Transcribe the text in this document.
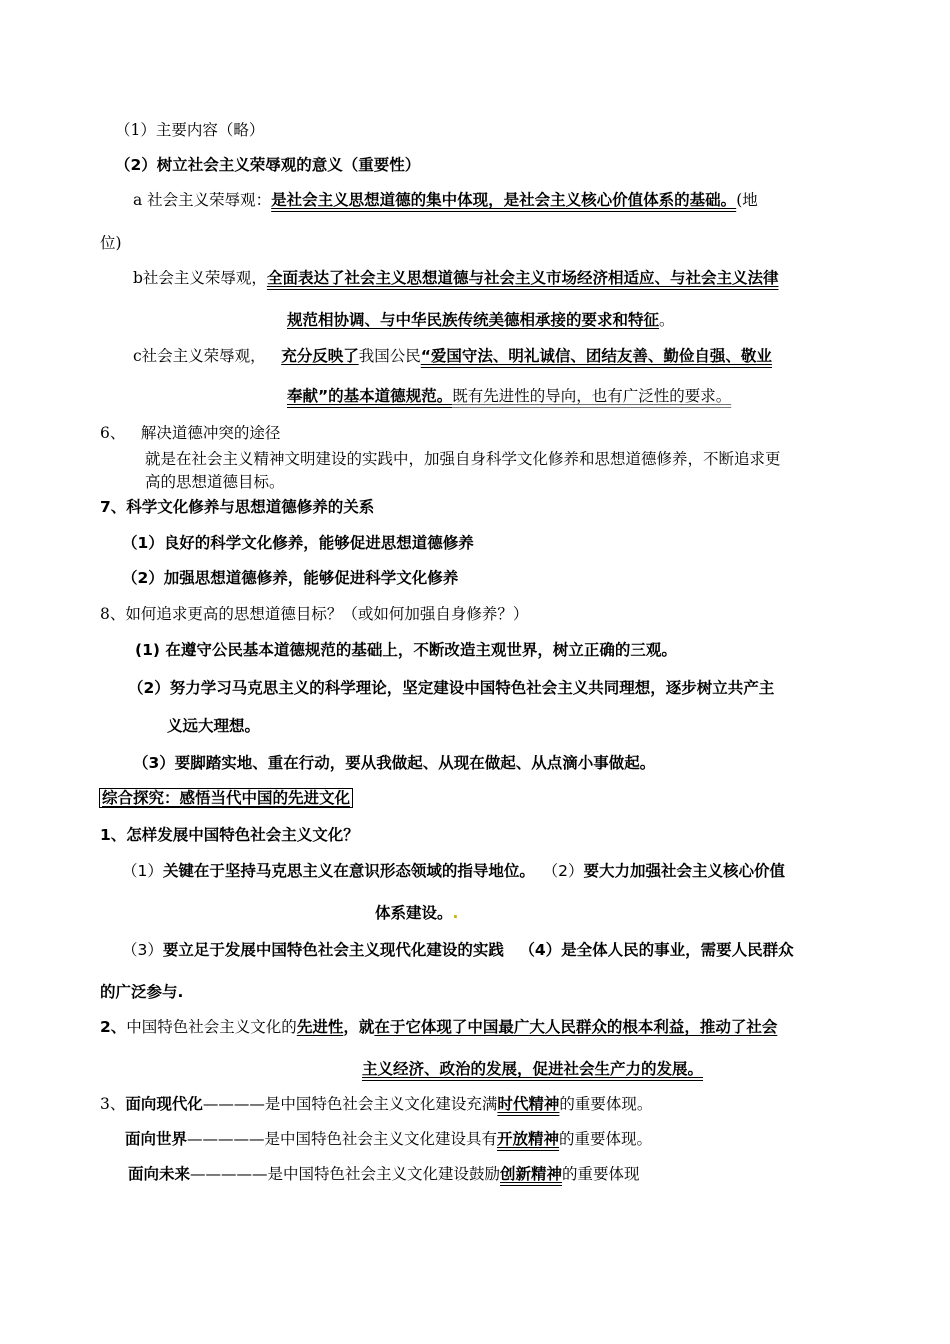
（1）主要内容（略）
（2）树立社会主义荣辱观的意义（重要性）
a 社会主义荣辱观：是社会主义思想道德的集中体现，是社会主义核心价值体系的基础。(地
位)
b社会主义荣辱观，全面表达了社会主义思想道德与社会主义市场经济相适应、与社会主义法律
规范相协调、与中华民族传统美德相承接的要求和特征。
c社会主义荣辱观，  充分反映了我国公民“爱国守法、明礼诚信、团结友善、勤俭自强、敬业
奉献”的基本道德规范。既有先进性的导向，也有广泛性的要求。
6、  解决道德冲突的途径
就是在社会主义精神文明建设的实践中，加强自身科学文化修养和思想道德修养，不断追求更
高的思想道德目标。
7、科学文化修养与思想道德修养的关系
（1）良好的科学文化修养，能够促进思想道德修养
（2）加强思想道德修养，能够促进科学文化修养
8、如何追求更高的思想道德目标？（或如何加强自身修养？）
(1) 在遵守公民基本道德规范的基础上，不断改造主观世界，树立正确的三观。
（2）努力学习马克思主义的科学理论，坚定建设中国特色社会主义共同理想，逐步树立共产主
义远大理想。
（3）要脚踏实地、重在行动，要从我做起、从现在做起、从点滴小事做起。
综合探究：感悟当代中国的先进文化
1、怎样发展中国特色社会主义文化？
（1）关键在于坚持马克思主义在意识形态领域的指导地位。  （2）要大力加强社会主义核心价值
体系建设。.
（3）要立足于发展中国特色社会主义现代化建设的实践  （4）是全体人民的事业，需要人民群众
的广泛参与.
2、中国特色社会主义文化的先进性，就在于它体现了中国最广大人民群众的根本利益，推动了社会
主义经济、政治的发展，促进社会生产力的发展。
3、面向现代化————是中国特色社会主义文化建设充满时代精神的重要体现。
面向世界—————是中国特色社会主义文化建设具有开放精神的重要体现。
面向未来—————是中国特色社会主义文化建设鼓励创新精神的重要体现
